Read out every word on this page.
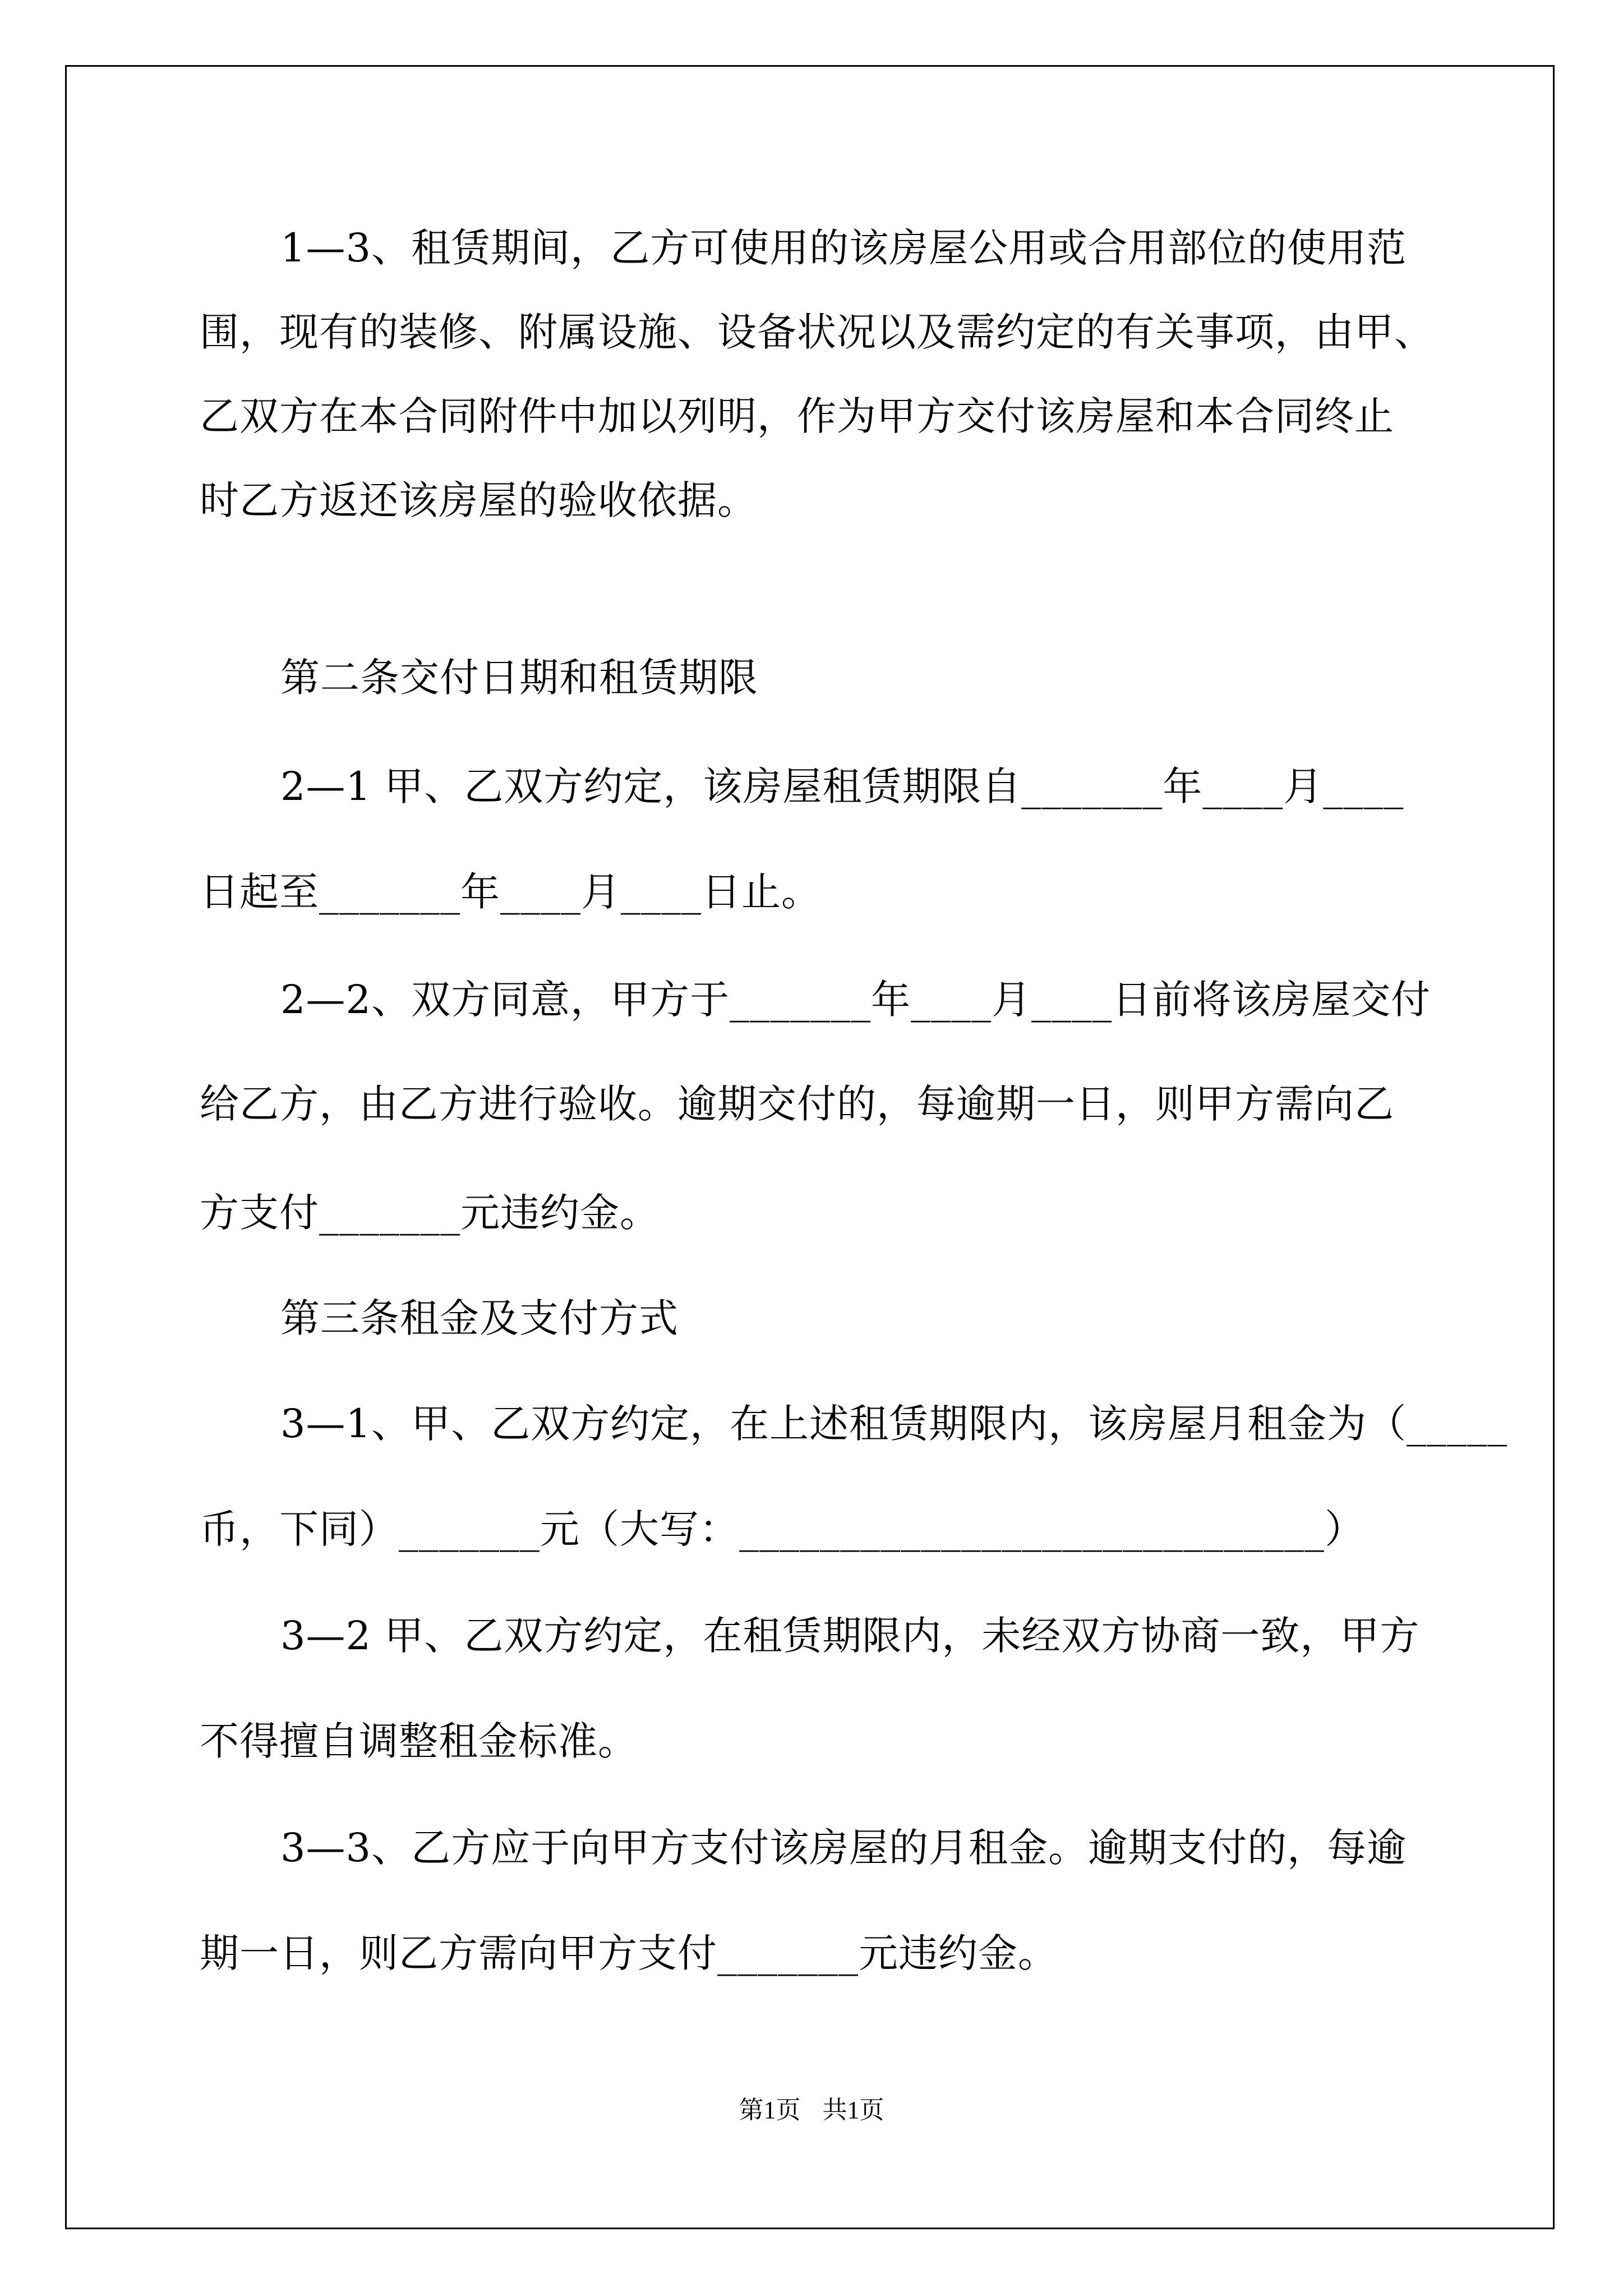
1—3、租赁期间，乙方可使用的该房屋公用或合用部位的使用范
围，现有的装修、附属设施、设备状况以及需约定的有关事项，由甲、
乙双方在本合同附件中加以列明，作为甲方交付该房屋和本合同终止
时乙方返还该房屋的验收依据。
第二条交付日期和租赁期限
2—1 甲、乙双方约定，该房屋租赁期限自_______年____月____
日起至_______年____月____日止。
2—2、双方同意，甲方于_______年____月____日前将该房屋交付
给乙方，由乙方进行验收。逾期交付的，每逾期一日，则甲方需向乙
方支付_______元违约金。
第三条租金及支付方式
3—1、甲、乙双方约定，在上述租赁期限内，该房屋月租金为（_____
币，下同）_______元（大写：_____________________________）
3—2 甲、乙双方约定，在租赁期限内，未经双方协商一致，甲方
不得擅自调整租金标准。
3—3、乙方应于向甲方支付该房屋的月租金。逾期支付的，每逾
期一日，则乙方需向甲方支付_______元违约金。
第1页 共1页
